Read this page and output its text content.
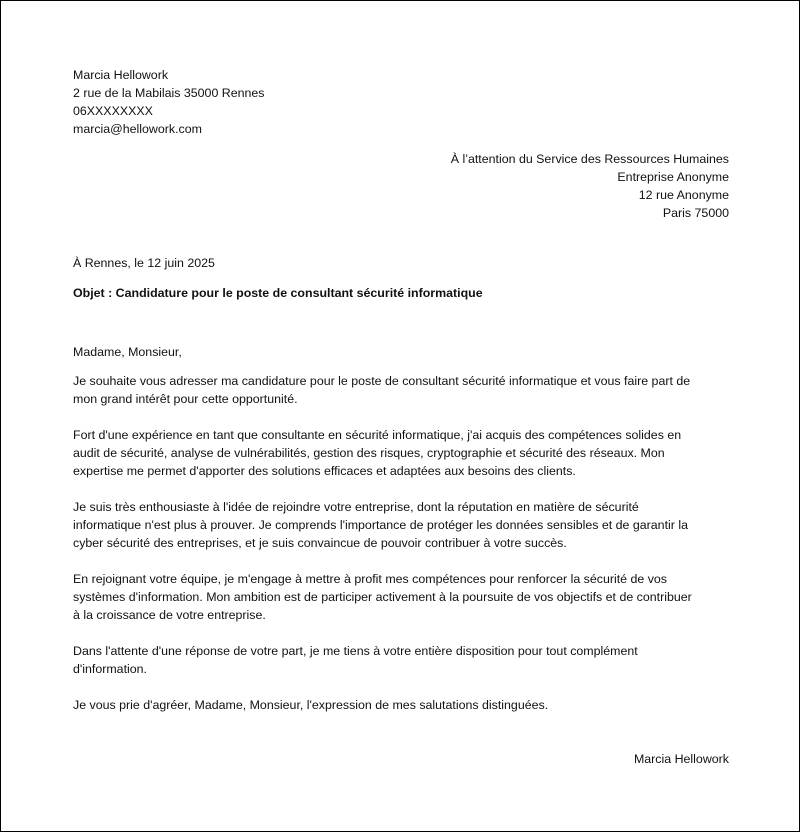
Marcia Hellowork
2 rue de la Mabilais 35000 Rennes
06XXXXXXXX
marcia@hellowork.com
À l’attention du Service des Ressources Humaines
Entreprise Anonyme
12 rue Anonyme
Paris 75000
À Rennes, le 12 juin 2025
Objet : Candidature pour le poste de consultant sécurité informatique
Madame, Monsieur,

Je souhaite vous adresser ma candidature pour le poste de consultant sécurité informatique et vous faire part de
mon grand intérêt pour cette opportunité.

Fort d'une expérience en tant que consultante en sécurité informatique, j'ai acquis des compétences solides en
audit de sécurité, analyse de vulnérabilités, gestion des risques, cryptographie et sécurité des réseaux. Mon
expertise me permet d'apporter des solutions efficaces et adaptées aux besoins des clients.

Je suis très enthousiaste à l'idée de rejoindre votre entreprise, dont la réputation en matière de sécurité
informatique n'est plus à prouver. Je comprends l'importance de protéger les données sensibles et de garantir la
cyber sécurité des entreprises, et je suis convaincue de pouvoir contribuer à votre succès.

En rejoignant votre équipe, je m'engage à mettre à profit mes compétences pour renforcer la sécurité de vos
systèmes d'information. Mon ambition est de participer activement à la poursuite de vos objectifs et de contribuer
à la croissance de votre entreprise.

Dans l'attente d'une réponse de votre part, je me tiens à votre entière disposition pour tout complément
d'information.

Je vous prie d'agréer, Madame, Monsieur, l'expression de mes salutations distinguées.

Marcia Hellowork
